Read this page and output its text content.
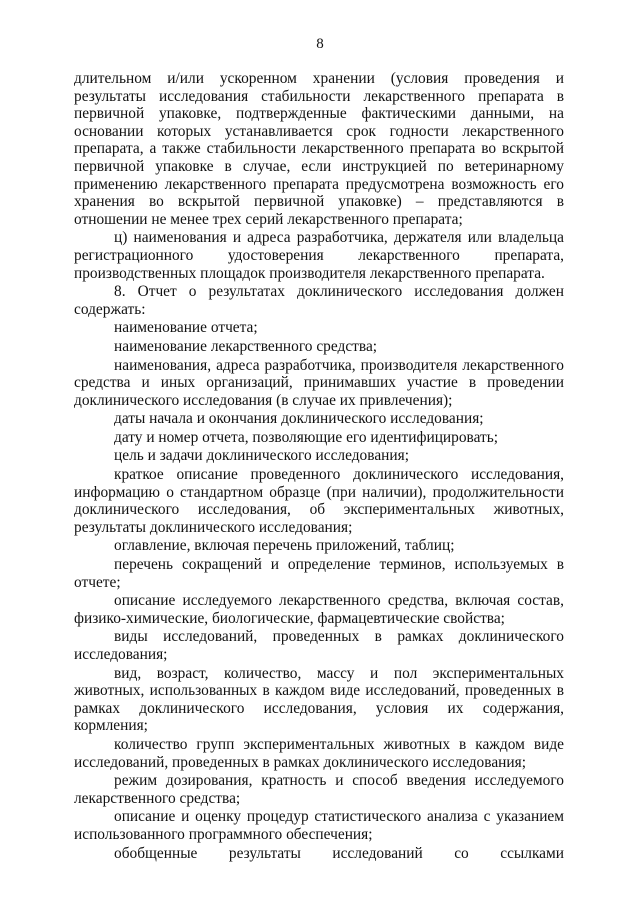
8

длительном и/или ускоренном хранении (условия проведения и результаты исследования стабильности лекарственного препарата в первичной упаковке, подтвержденные фактическими данными, на основании которых устанавливается срок годности лекарственного препарата, а также стабильности лекарственного препарата во вскрытой первичной упаковке в случае, если инструкцией по ветеринарному применению лекарственного препарата предусмотрена возможность его хранения во вскрытой первичной упаковке) – представляются в отношении не менее трех серий лекарственного препарата;

ц) наименования и адреса разработчика, держателя или владельца регистрационного удостоверения лекарственного препарата, производственных площадок производителя лекарственного препарата.

8. Отчет о результатах доклинического исследования должен содержать:

наименование отчета;

наименование лекарственного средства;

наименования, адреса разработчика, производителя лекарственного средства и иных организаций, принимавших участие в проведении доклинического исследования (в случае их привлечения);

даты начала и окончания доклинического исследования;

дату и номер отчета, позволяющие его идентифицировать;

цель и задачи доклинического исследования;

краткое описание проведенного доклинического исследования, информацию о стандартном образце (при наличии), продолжительности доклинического исследования, об экспериментальных животных, результаты доклинического исследования;

оглавление, включая перечень приложений, таблиц;

перечень сокращений и определение терминов, используемых в отчете;

описание исследуемого лекарственного средства, включая состав, физико-химические, биологические, фармацевтические свойства;

виды исследований, проведенных в рамках доклинического исследования;

вид, возраст, количество, массу и пол экспериментальных животных, использованных в каждом виде исследований, проведенных в рамках доклинического исследования, условия их содержания, кормления;

количество групп экспериментальных животных в каждом виде исследований, проведенных в рамках доклинического исследования;

режим дозирования, кратность и способ введения исследуемого лекарственного средства;

описание и оценку процедур статистического анализа с указанием использованного программного обеспечения;

обобщенные результаты исследований со ссылками
